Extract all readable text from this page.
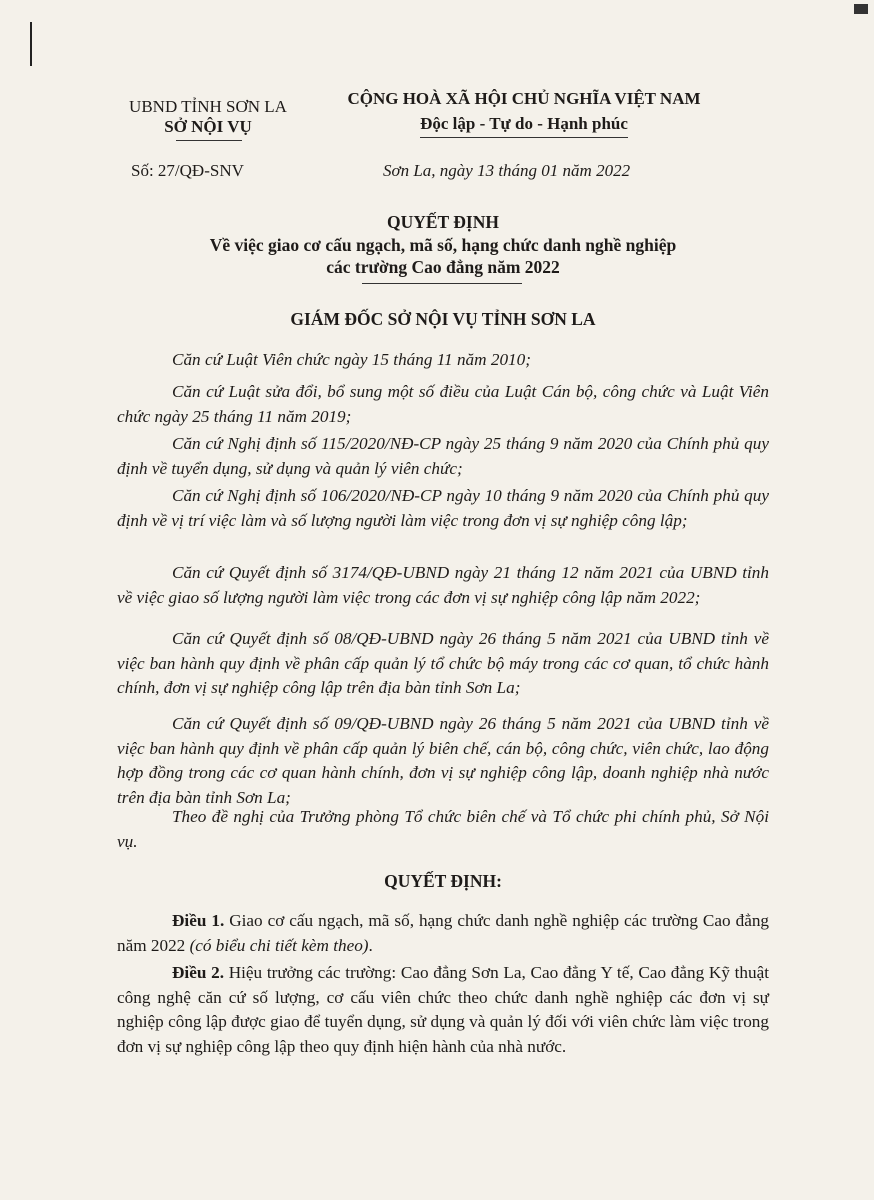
UBND TỈNH SƠN LA
SỞ NỘI VỤ
CỘNG HOÀ XÃ HỘI CHỦ NGHĨA VIỆT NAM
Độc lập - Tự do - Hạnh phúc
Số: 27/QĐ-SNV	Sơn La, ngày 13 tháng 01 năm 2022
QUYẾT ĐỊNH
Về việc giao cơ cấu ngạch, mã số, hạng chức danh nghề nghiệp
các trường Cao đẳng năm 2022
GIÁM ĐỐC SỞ NỘI VỤ TỈNH SƠN LA
Căn cứ Luật Viên chức ngày 15 tháng 11 năm 2010;
Căn cứ Luật sửa đổi, bổ sung một số điều của Luật Cán bộ, công chức và Luật Viên chức ngày 25 tháng 11 năm 2019;
Căn cứ Nghị định số 115/2020/NĐ-CP ngày 25 tháng 9 năm 2020 của Chính phủ quy định về tuyển dụng, sử dụng và quản lý viên chức;
Căn cứ Nghị định số 106/2020/NĐ-CP ngày 10 tháng 9 năm 2020 của Chính phủ quy định về vị trí việc làm và số lượng người làm việc trong đơn vị sự nghiệp công lập;
Căn cứ Quyết định số 3174/QĐ-UBND ngày 21 tháng 12 năm 2021 của UBND tỉnh về việc giao số lượng người làm việc trong các đơn vị sự nghiệp công lập năm 2022;
Căn cứ Quyết định số 08/QĐ-UBND ngày 26 tháng 5 năm 2021 của UBND tỉnh về việc ban hành quy định về phân cấp quản lý tổ chức bộ máy trong các cơ quan, tổ chức hành chính, đơn vị sự nghiệp công lập trên địa bàn tỉnh Sơn La;
Căn cứ Quyết định số 09/QĐ-UBND ngày 26 tháng 5 năm 2021 của UBND tỉnh về việc ban hành quy định về phân cấp quản lý biên chế, cán bộ, công chức, viên chức, lao động hợp đồng trong các cơ quan hành chính, đơn vị sự nghiệp công lập, doanh nghiệp nhà nước trên địa bàn tỉnh Sơn La;
Theo đề nghị của Trưởng phòng Tổ chức biên chế và Tổ chức phi chính phủ, Sở Nội vụ.
QUYẾT ĐỊNH:
Điều 1. Giao cơ cấu ngạch, mã số, hạng chức danh nghề nghiệp các trường Cao đẳng năm 2022 (có biểu chi tiết kèm theo).
Điều 2. Hiệu trưởng các trường: Cao đẳng Sơn La, Cao đẳng Y tế, Cao đẳng Kỹ thuật công nghệ căn cứ số lượng, cơ cấu viên chức theo chức danh nghề nghiệp các đơn vị sự nghiệp công lập được giao để tuyển dụng, sử dụng và quản lý đối với viên chức làm việc trong đơn vị sự nghiệp công lập theo quy định hiện hành của nhà nước.
